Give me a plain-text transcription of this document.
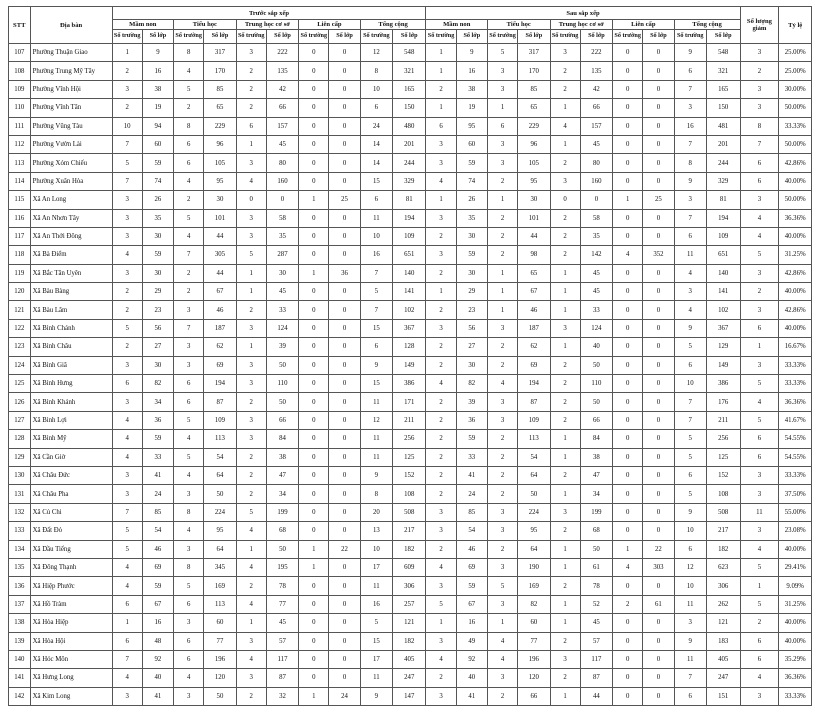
STT	Địa bàn	Trước sắp xếp										Sau sắp xếp										Số lượng giảm	Tỷ lệ
		Mầm non		Tiểu học		Trung học cơ sở		Liên cấp		Tổng cộng		Mầm non		Tiểu học		Trung học cơ sở		Liên cấp		Tổng cộng			
		Số trường	Số lớp	Số trường	Số lớp	Số trường	Số lớp	Số trường	Số lớp	Số trường	Số lớp	Số trường	Số lớp	Số trường	Số lớp	Số trường	Số lớp	Số trường	Số lớp	Số trường	Số lớp		
107	Phường Thuận Giao	1	9	8	317	3	222	0	0	12	548	1	9	5	317	3	222	0	0	9	548	3	25.00%
108	Phường Trung Mỹ Tây	2	16	4	170	2	135	0	0	8	321	1	16	3	170	2	135	0	0	6	321	2	25.00%
109	Phường Vĩnh Hội	3	38	5	85	2	42	0	0	10	165	2	38	3	85	2	42	0	0	7	165	3	30.00%
110	Phường Vĩnh Tân	2	19	2	65	2	66	0	0	6	150	1	19	1	65	1	66	0	0	3	150	3	50.00%
111	Phường Vũng Tàu	10	94	8	229	6	157	0	0	24	480	6	95	6	229	4	157	0	0	16	481	8	33.33%
112	Phường Vườn Lài	7	60	6	96	1	45	0	0	14	201	3	60	3	96	1	45	0	0	7	201	7	50.00%
113	Phường Xóm Chiếu	5	59	6	105	3	80	0	0	14	244	3	59	3	105	2	80	0	0	8	244	6	42.86%
114	Phường Xuân Hòa	7	74	4	95	4	160	0	0	15	329	4	74	2	95	3	160	0	0	9	329	6	40.00%
115	Xã An Long	3	26	2	30	0	0	1	25	6	81	1	26	1	30	0	0	1	25	3	81	3	50.00%
116	Xã An Nhơn Tây	3	35	5	101	3	58	0	0	11	194	3	35	2	101	2	58	0	0	7	194	4	36.36%
117	Xã An Thới Đông	3	30	4	44	3	35	0	0	10	109	2	30	2	44	2	35	0	0	6	109	4	40.00%
118	Xã Bà Điểm	4	59	7	305	5	287	0	0	16	651	3	59	2	98	2	142	4	352	11	651	5	31.25%
119	Xã Bắc Tân Uyên	3	30	2	44	1	30	1	36	7	140	2	30	1	65	1	45	0	0	4	140	3	42.86%
120	Xã Bàu Bàng	2	29	2	67	1	45	0	0	5	141	1	29	1	67	1	45	0	0	3	141	2	40.00%
121	Xã Bàu Lâm	2	23	3	46	2	33	0	0	7	102	2	23	1	46	1	33	0	0	4	102	3	42.86%
122	Xã Bình Chánh	5	56	7	187	3	124	0	0	15	367	3	56	3	187	3	124	0	0	9	367	6	40.00%
123	Xã Bình Châu	2	27	3	62	1	39	0	0	6	128	2	27	2	62	1	40	0	0	5	129	1	16.67%
124	Xã Bình Giã	3	30	3	69	3	50	0	0	9	149	2	30	2	69	2	50	0	0	6	149	3	33.33%
125	Xã Bình Hưng	6	82	6	194	3	110	0	0	15	386	4	82	4	194	2	110	0	0	10	386	5	33.33%
126	Xã Bình Khánh	3	34	6	87	2	50	0	0	11	171	2	39	3	87	2	50	0	0	7	176	4	36.36%
127	Xã Bình Lợi	4	36	5	109	3	66	0	0	12	211	2	36	3	109	2	66	0	0	7	211	5	41.67%
128	Xã Bình Mỹ	4	59	4	113	3	84	0	0	11	256	2	59	2	113	1	84	0	0	5	256	6	54.55%
129	Xã Cần Giờ	4	33	5	54	2	38	0	0	11	125	2	33	2	54	1	38	0	0	5	125	6	54.55%
130	Xã Châu Đức	3	41	4	64	2	47	0	0	9	152	2	41	2	64	2	47	0	0	6	152	3	33.33%
131	Xã Châu Pha	3	24	3	50	2	34	0	0	8	108	2	24	2	50	1	34	0	0	5	108	3	37.50%
132	Xã Củ Chi	7	85	8	224	5	199	0	0	20	508	3	85	3	224	3	199	0	0	9	508	11	55.00%
133	Xã Đất Đỏ	5	54	4	95	4	68	0	0	13	217	3	54	3	95	2	68	0	0	10	217	3	23.08%
134	Xã Dầu Tiếng	5	46	3	64	1	50	1	22	10	182	2	46	2	64	1	50	1	22	6	182	4	40.00%
135	Xã Đông Thạnh	4	69	8	345	4	195	1	0	17	609	4	69	3	190	1	61	4	303	12	623	5	29.41%
136	Xã Hiệp Phước	4	59	5	169	2	78	0	0	11	306	3	59	5	169	2	78	0	0	10	306	1	9.09%
137	Xã Hồ Tràm	6	67	6	113	4	77	0	0	16	257	5	67	3	82	1	52	2	61	11	262	5	31.25%
138	Xã Hòa Hiệp	1	16	3	60	1	45	0	0	5	121	1	16	1	60	1	45	0	0	3	121	2	40.00%
139	Xã Hòa Hội	6	48	6	77	3	57	0	0	15	182	3	49	4	77	2	57	0	0	9	183	6	40.00%
140	Xã Hóc Môn	7	92	6	196	4	117	0	0	17	405	4	92	4	196	3	117	0	0	11	405	6	35.29%
141	Xã Hưng Long	4	40	4	120	3	87	0	0	11	247	2	40	3	120	2	87	0	0	7	247	4	36.36%
142	Xã Kim Long	3	41	3	50	2	32	1	24	9	147	3	41	2	66	1	44	0	0	6	151	3	33.33%
